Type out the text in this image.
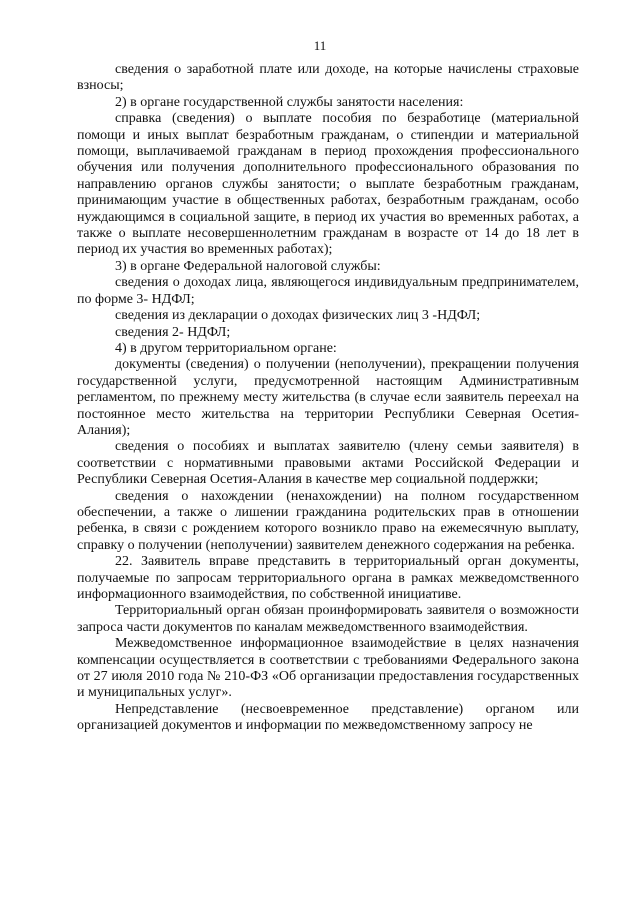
11

сведения о заработной плате или доходе, на которые начислены страховые взносы;

2) в органе государственной службы занятости населения:

справка (сведения) о выплате пособия по безработице (материальной помощи и иных выплат безработным гражданам, о стипендии и материальной помощи, выплачиваемой гражданам в период прохождения профессионального обучения или получения дополнительного профессионального образования по направлению органов службы занятости; о выплате безработным гражданам, принимающим участие в общественных работах, безработным гражданам, особо нуждающимся в социальной защите, в период их участия во временных работах, а также о выплате несовершеннолетним гражданам в возрасте от 14 до 18 лет в период их участия во временных работах);

3) в органе Федеральной налоговой службы:

сведения о доходах лица, являющегося индивидуальным предпринимателем, по форме 3- НДФЛ;

сведения из декларации о доходах физических лиц 3 -НДФЛ;

сведения 2- НДФЛ;

4) в другом территориальном органе:

документы (сведения) о получении (неполучении), прекращении получения государственной услуги, предусмотренной настоящим Административным регламентом, по прежнему месту жительства (в случае если заявитель переехал на постоянное место жительства на территории Республики Северная Осетия-Алания);

сведения о пособиях и выплатах заявителю (члену семьи заявителя) в соответствии с нормативными правовыми актами Российской Федерации и Республики Северная Осетия-Алания в качестве мер социальной поддержки;

сведения о нахождении (ненахождении) на полном государственном обеспечении, а также о лишении гражданина родительских прав в отношении ребенка, в связи с рождением которого возникло право на ежемесячную выплату, справку о получении (неполучении) заявителем денежного содержания на ребенка.

22. Заявитель вправе представить в территориальный орган документы, получаемые по запросам территориального органа в рамках межведомственного информационного взаимодействия, по собственной инициативе.

Территориальный орган обязан проинформировать заявителя о возможности запроса части документов по каналам межведомственного взаимодействия.

Межведомственное информационное взаимодействие в целях назначения компенсации осуществляется в соответствии с требованиями Федерального закона от 27 июля 2010 года № 210-ФЗ «Об организации предоставления государственных и муниципальных услуг».

Непредставление (несвоевременное представление) органом или организацией документов и информации по межведомственному запросу не
